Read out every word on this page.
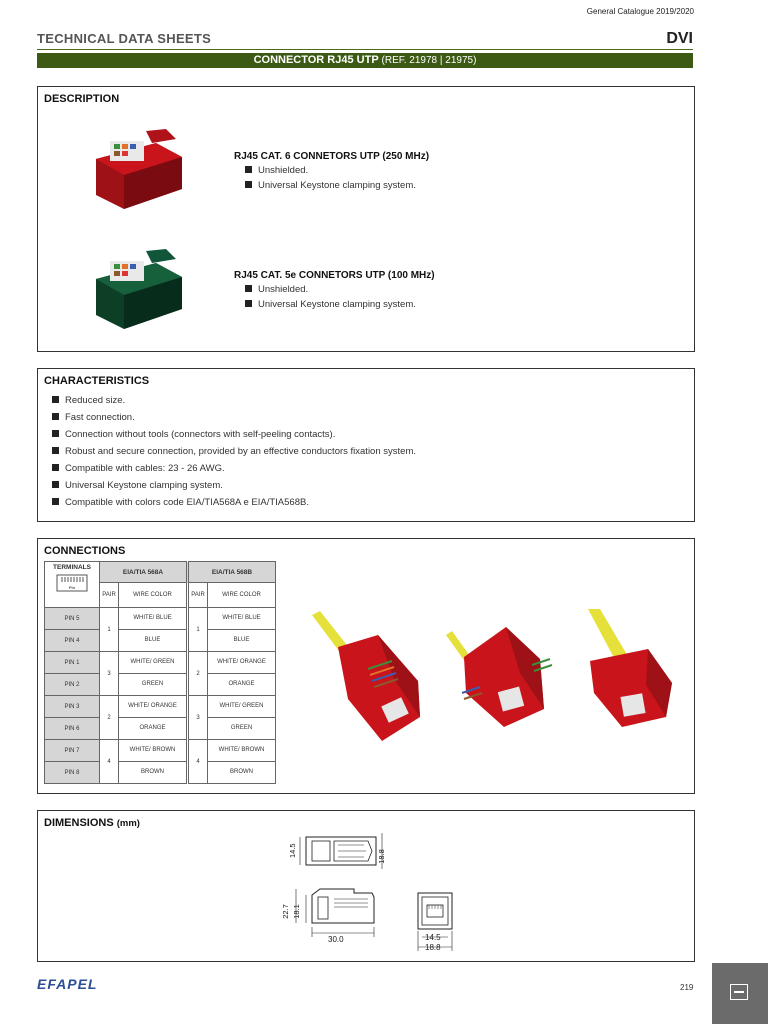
General Catalogue 2019/2020
TECHNICAL DATA SHEETS	DVI
CONNECTOR RJ45 UTP (REF. 21978 | 21975)
DESCRIPTION
RJ45 CAT. 6 CONNETORS UTP (250 MHz)
Unshielded.
Universal Keystone clamping system.
RJ45 CAT. 5e CONNETORS UTP (100 MHz)
Unshielded.
Universal Keystone clamping system.
CHARACTERISTICS
Reduced size.
Fast connection.
Connection without tools (connectors with self-peeling contacts).
Robust and secure connection, provided by an effective conductors fixation system.
Compatible with cables: 23 - 26 AWG.
Universal Keystone clamping system.
Compatible with colors code EIA/TIA568A e EIA/TIA568B.
CONNECTIONS
TERMINALS
Pin	EIA/TIA 568A		EIA/TIA 568B	
	PAIR	WIRE COLOR	PAIR	WIRE COLOR
PIN 5	1	WHITE/ BLUE	1	WHITE/ BLUE
PIN 4		BLUE		BLUE
PIN 1	3	WHITE/ GREEN	2	WHITE/ ORANGE
PIN 2		GREEN		ORANGE
PIN 3	2	WHITE/ ORANGE	3	WHITE/ GREEN
PIN 6		ORANGE		GREEN
PIN 7	4	WHITE/ BROWN	4	WHITE/ BROWN
PIN 8		BROWN		BROWN
DIMENSIONS (mm)
14.5	18.8
22.7 18.1
30.0	14.5
18.8
EFAPEL	219
